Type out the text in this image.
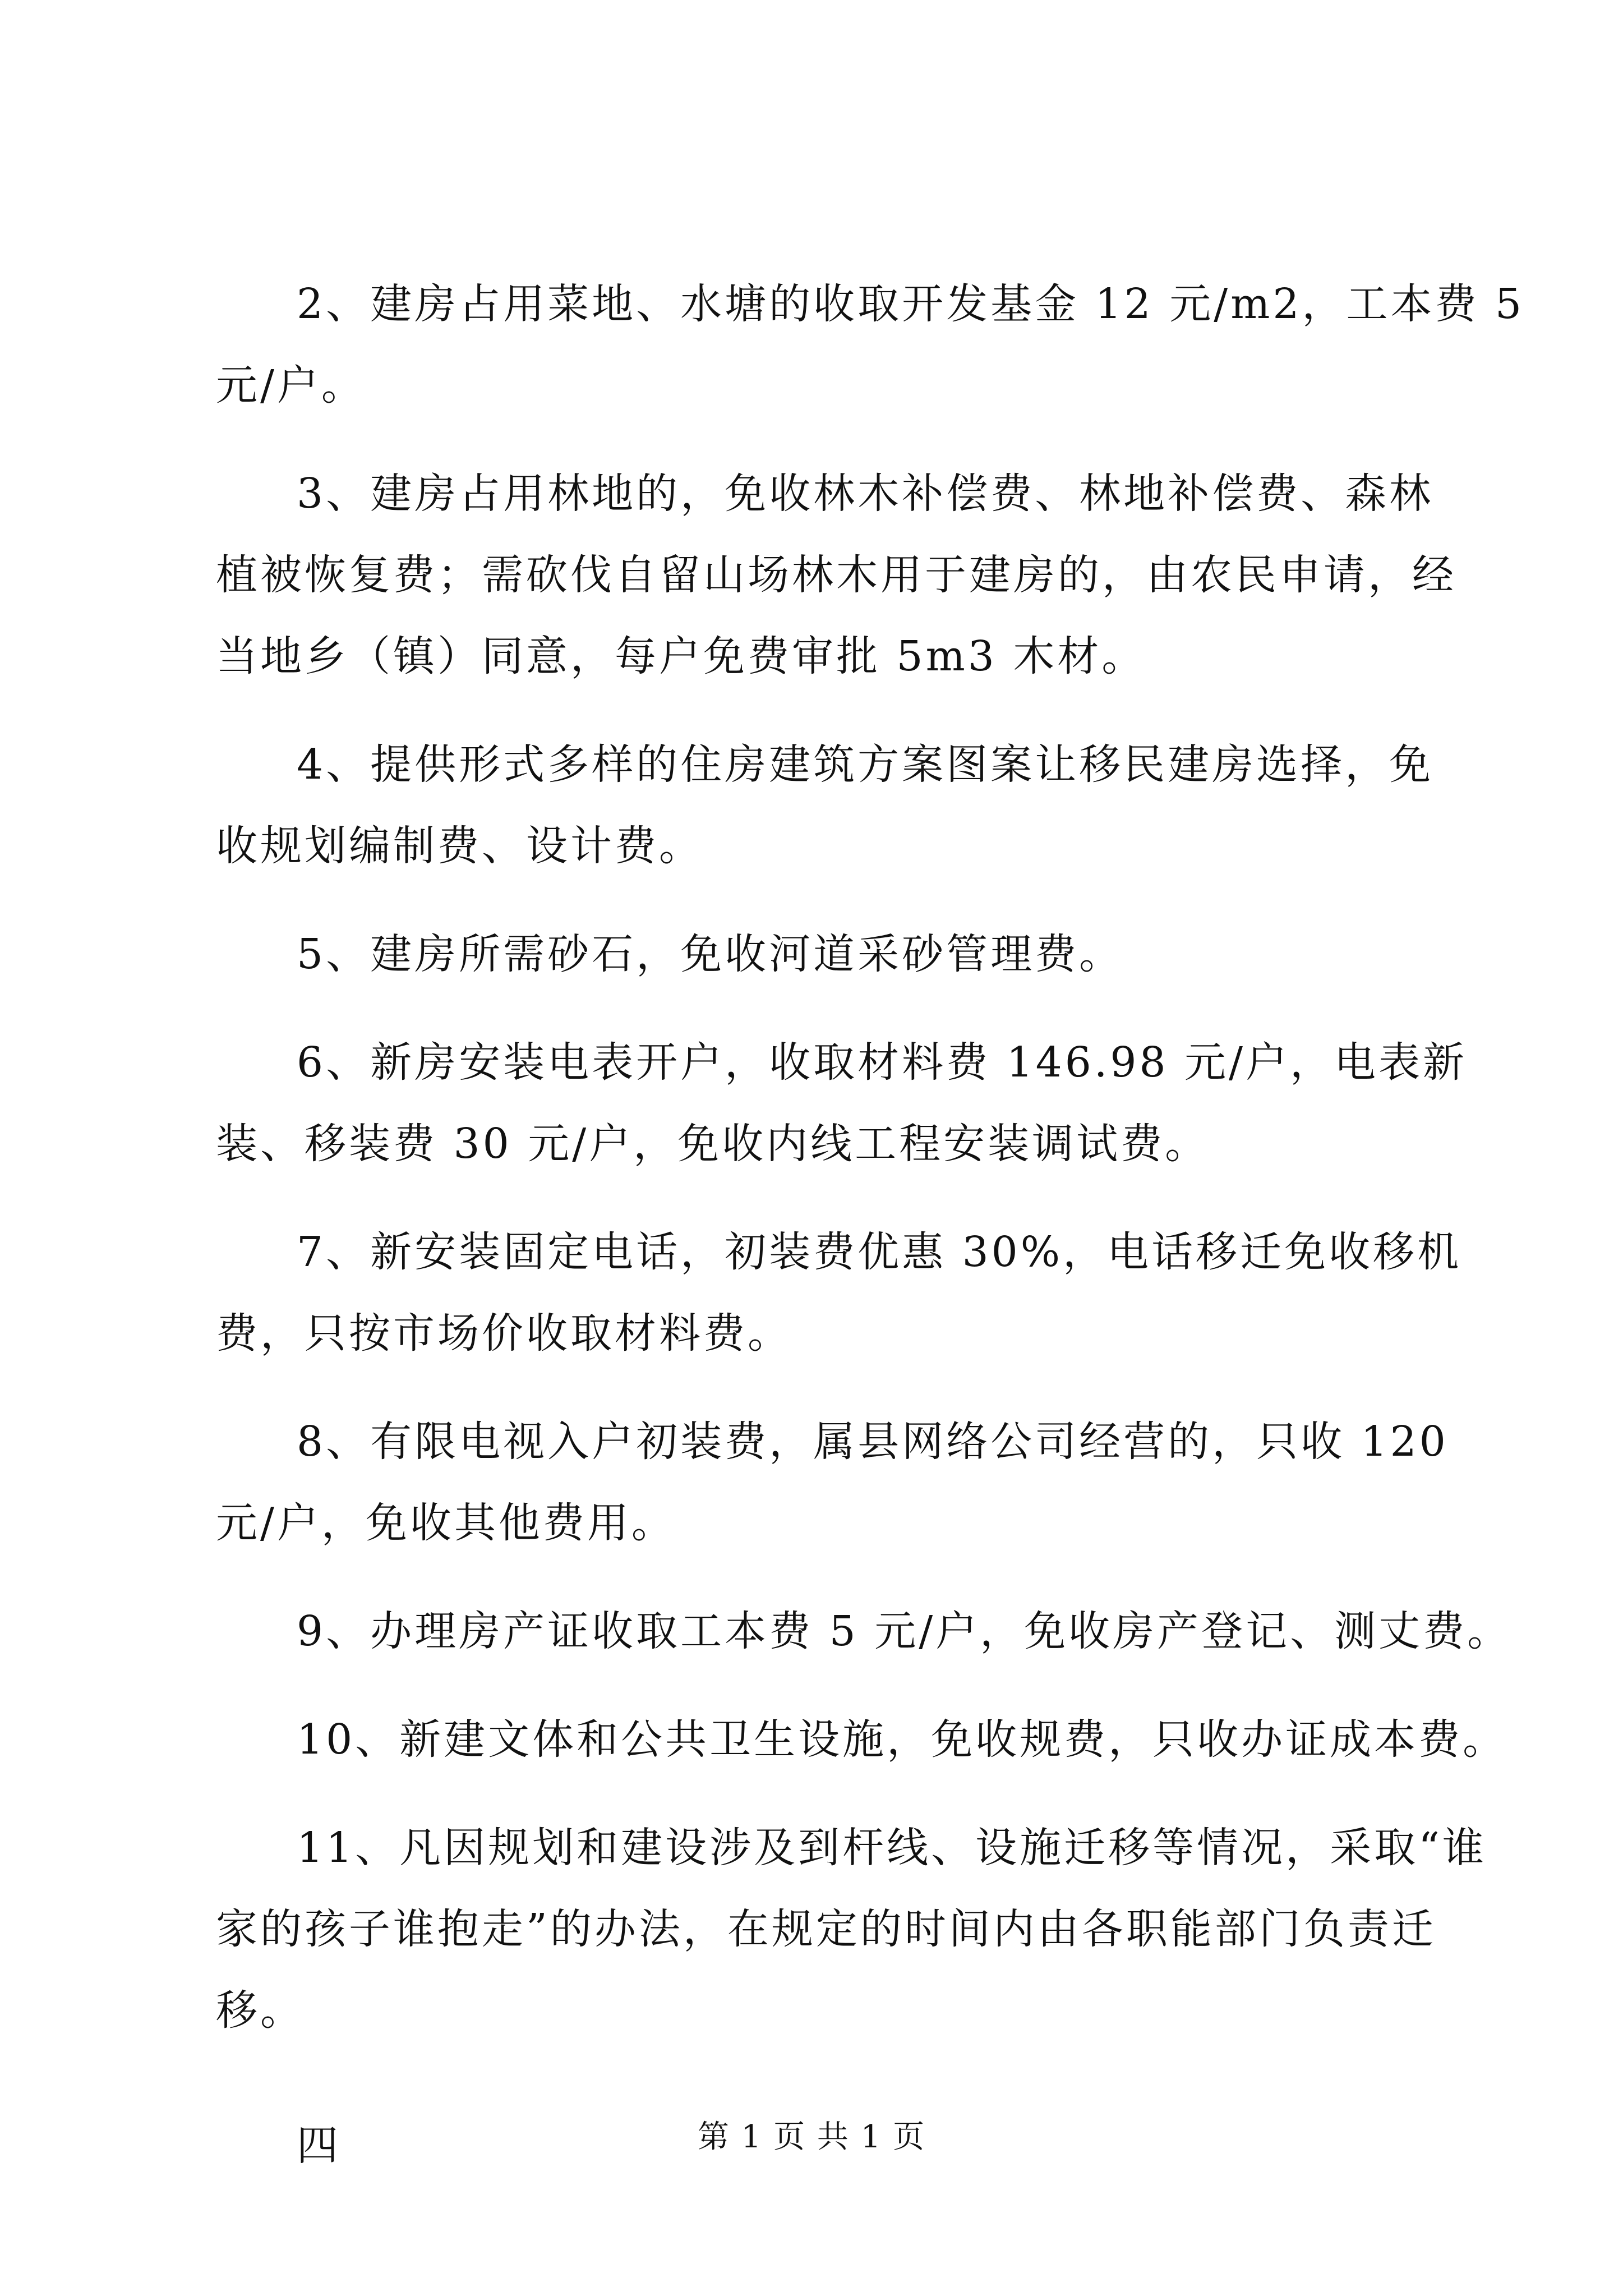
2、建房占用菜地、水塘的收取开发基金 12 元/m2，工本费 5
元/户。
3、建房占用林地的，免收林木补偿费、林地补偿费、森林
植被恢复费；需砍伐自留山场林木用于建房的，由农民申请，经
当地乡（镇）同意，每户免费审批 5m3 木材。
4、提供形式多样的住房建筑方案图案让移民建房选择，免
收规划编制费、设计费。
5、建房所需砂石，免收河道采砂管理费。
6、新房安装电表开户，收取材料费 146.98 元/户，电表新
装、移装费 30 元/户，免收内线工程安装调试费。
7、新安装固定电话，初装费优惠 30%，电话移迁免收移机
费，只按市场价收取材料费。
8、有限电视入户初装费，属县网络公司经营的，只收 120
元/户，免收其他费用。
9、办理房产证收取工本费 5 元/户，免收房产登记、测丈费。
10、新建文体和公共卫生设施，免收规费，只收办证成本费。
11、凡因规划和建设涉及到杆线、设施迁移等情况，采取“谁
家的孩子谁抱走”的办法，在规定的时间内由各职能部门负责迁
移。
四	第 1 页 共 1 页
